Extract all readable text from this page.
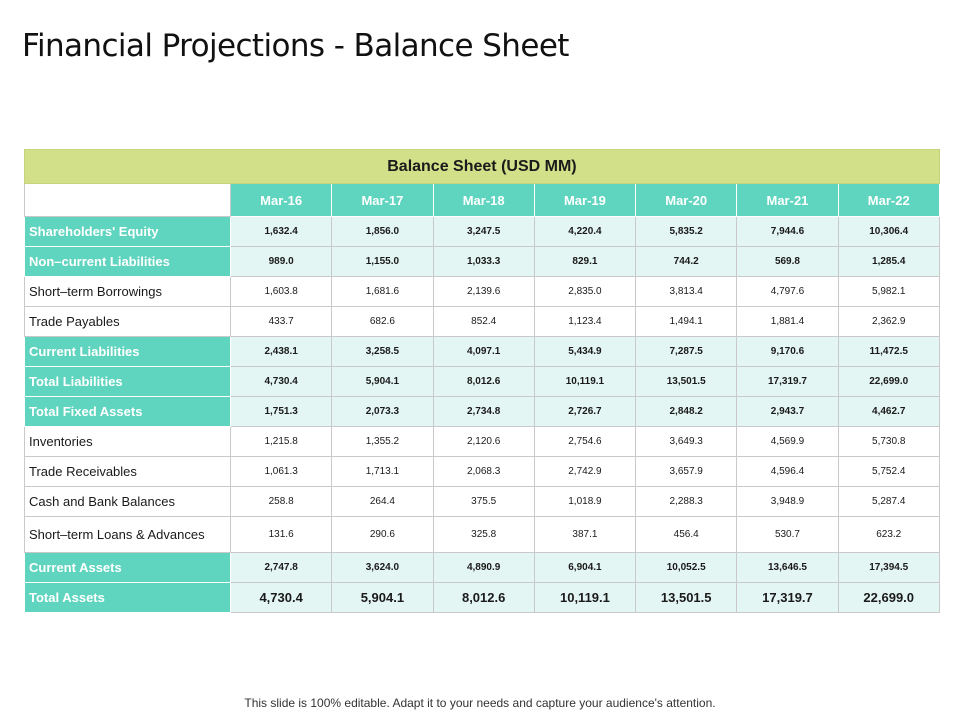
Financial Projections - Balance Sheet
Balance Sheet (USD MM)							
	Mar-16	Mar-17	Mar-18	Mar-19	Mar-20	Mar-21	Mar-22
Shareholders' Equity	1,632.4	1,856.0	3,247.5	4,220.4	5,835.2	7,944.6	10,306.4
Non–current Liabilities	989.0	1,155.0	1,033.3	829.1	744.2	569.8	1,285.4
Short–term Borrowings	1,603.8	1,681.6	2,139.6	2,835.0	3,813.4	4,797.6	5,982.1
Trade Payables	433.7	682.6	852.4	1,123.4	1,494.1	1,881.4	2,362.9
Current Liabilities	2,438.1	3,258.5	4,097.1	5,434.9	7,287.5	9,170.6	11,472.5
Total Liabilities	4,730.4	5,904.1	8,012.6	10,119.1	13,501.5	17,319.7	22,699.0
Total Fixed Assets	1,751.3	2,073.3	2,734.8	2,726.7	2,848.2	2,943.7	4,462.7
Inventories	1,215.8	1,355.2	2,120.6	2,754.6	3,649.3	4,569.9	5,730.8
Trade Receivables	1,061.3	1,713.1	2,068.3	2,742.9	3,657.9	4,596.4	5,752.4
Cash and Bank Balances	258.8	264.4	375.5	1,018.9	2,288.3	3,948.9	5,287.4
Short–term Loans & Advances	131.6	290.6	325.8	387.1	456.4	530.7	623.2
Current Assets	2,747.8	3,624.0	4,890.9	6,904.1	10,052.5	13,646.5	17,394.5
Total Assets	4,730.4	5,904.1	8,012.6	10,119.1	13,501.5	17,319.7	22,699.0
This slide is 100% editable. Adapt it to your needs and capture your audience's attention.
